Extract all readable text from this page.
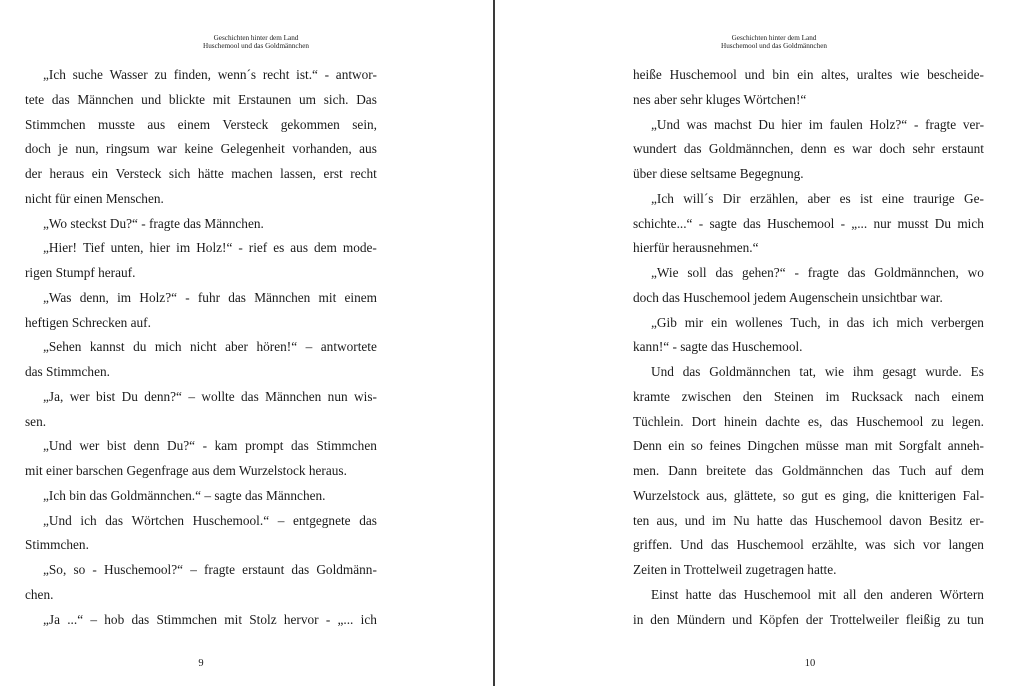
Geschichten hinter dem Land
Huschemool und das Goldmännchen
„Ich suche Wasser zu finden, wenn´s recht ist.“ - antwor-
tete das Männchen und blickte mit Erstaunen um sich. Das
Stimmchen musste aus einem Versteck gekommen sein,
doch je nun, ringsum war keine Gelegenheit vorhanden, aus
der heraus ein Versteck sich hätte machen lassen, erst recht
nicht für einen Menschen.
„Wo steckst Du?“ - fragte das Männchen.
„Hier! Tief unten, hier im Holz!“ - rief es aus dem mode-
rigen Stumpf herauf.
„Was denn, im Holz?“ - fuhr das Männchen mit einem
heftigen Schrecken auf.
„Sehen kannst du mich nicht aber hören!“ – antwortete
das Stimmchen.
„Ja, wer bist Du denn?“ – wollte das Männchen nun wis-
sen.
„Und wer bist denn Du?“ - kam prompt das Stimmchen
mit einer barschen Gegenfrage aus dem Wurzelstock heraus.
„Ich bin das Goldmännchen.“ – sagte das Männchen.
„Und ich das Wörtchen Huschemool.“ – entgegnete das
Stimmchen.
„So, so - Huschemool?“ – fragte erstaunt das Goldmänn-
chen.
„Ja ...“ – hob das Stimmchen mit Stolz hervor - „... ich
9
Geschichten hinter dem Land
Huschemool und das Goldmännchen
heiße Huschemool und bin ein altes, uraltes wie bescheide-
nes aber sehr kluges Wörtchen!“
„Und was machst Du hier im faulen Holz?“ - fragte ver-
wundert das Goldmännchen, denn es war doch sehr erstaunt
über diese seltsame Begegnung.
„Ich will´s Dir erzählen, aber es ist eine traurige Ge-
schichte...“ - sagte das Huschemool - „... nur musst Du mich
hierfür herausnehmen.“
„Wie soll das gehen?“ - fragte das Goldmännchen, wo
doch das Huschemool jedem Augenschein unsichtbar war.
„Gib mir ein wollenes Tuch, in das ich mich verbergen
kann!“ - sagte das Huschemool.
Und das Goldmännchen tat, wie ihm gesagt wurde. Es
kramte zwischen den Steinen im Rucksack nach einem
Tüchlein. Dort hinein dachte es, das Huschemool zu legen.
Denn ein so feines Dingchen müsse man mit Sorgfalt anneh-
men. Dann breitete das Goldmännchen das Tuch auf dem
Wurzelstock aus, glättete, so gut es ging, die knitterigen Fal-
ten aus, und im Nu hatte das Huschemool davon Besitz er-
griffen. Und das Huschemool erzählte, was sich vor langen
Zeiten in Trottelweil zugetragen hatte.
Einst hatte das Huschemool mit all den anderen Wörtern
in den Mündern und Köpfen der Trottelweiler fleißig zu tun
10
